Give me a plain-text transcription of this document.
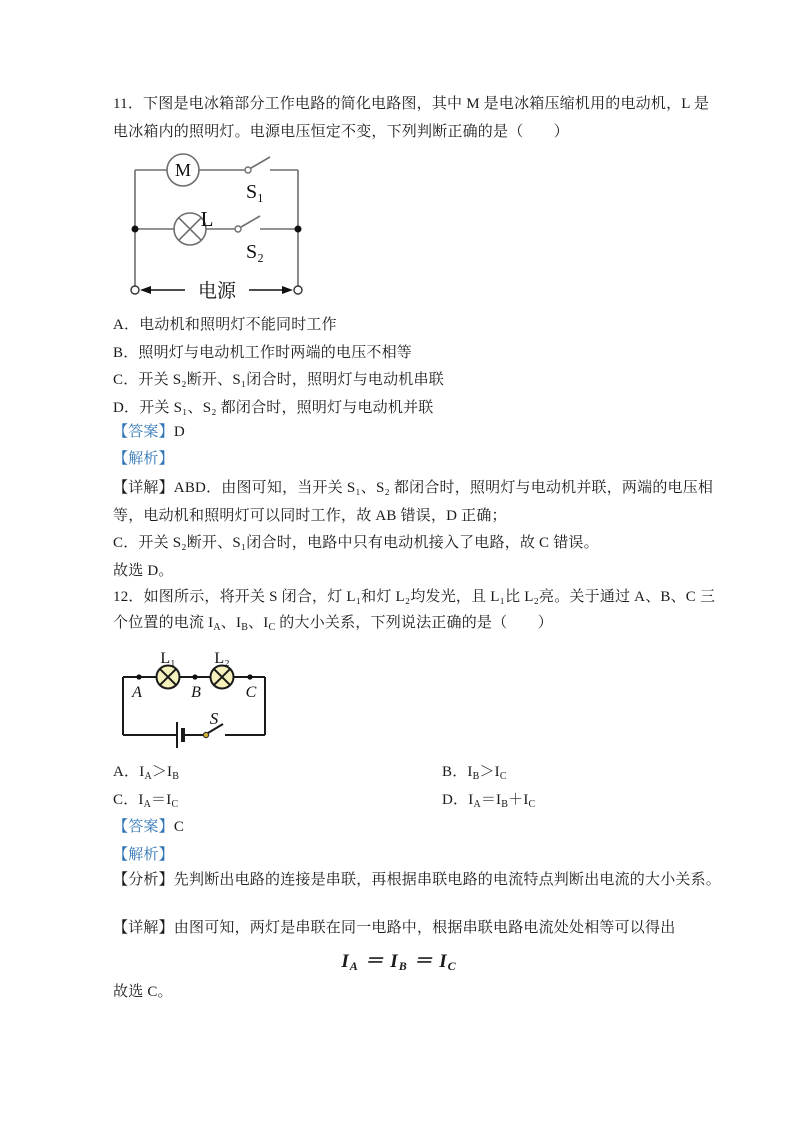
11．下图是电冰箱部分工作电路的简化电路图，其中 M 是电冰箱压缩机用的电动机，L 是
电冰箱内的照明灯。电源电压恒定不变，下列判断正确的是（　　）
M
L
S₁
S₂
电源
A．电动机和照明灯不能同时工作
B．照明灯与电动机工作时两端的电压不相等
C．开关 S₂断开、S₁闭合时，照明灯与电动机串联
D．开关 S₁、S₂ 都闭合时，照明灯与电动机并联
【答案】D
【解析】
【详解】ABD．由图可知，当开关 S₁、S₂ 都闭合时，照明灯与电动机并联，两端的电压相
等，电动机和照明灯可以同时工作，故 AB 错误，D 正确；
C．开关 S₂断开、S₁闭合时，电路中只有电动机接入了电路，故 C 错误。
故选 D。
12．如图所示，将开关 S 闭合，灯 L₁和灯 L₂均发光，且 L₁比 L₂亮。关于通过 A、B、C 三
个位置的电流 $I_A$、$I_B$、$I_C$ 的大小关系，下列说法正确的是（　　）
L₁ L₂
A	B	C
S
A．$I_A>I_B$	B．$I_B>I_C$
C．$I_A=I_C$	D．$I_A=I_B+I_C$
【答案】C
【解析】
【分析】先判断出电路的连接是串联，再根据串联电路的电流特点判断出电流的大小关系。
【详解】由图可知，两灯是串联在同一电路中，根据串联电路电流处处相等可以得出
$I_A = I_B = I_C$
故选 C。
